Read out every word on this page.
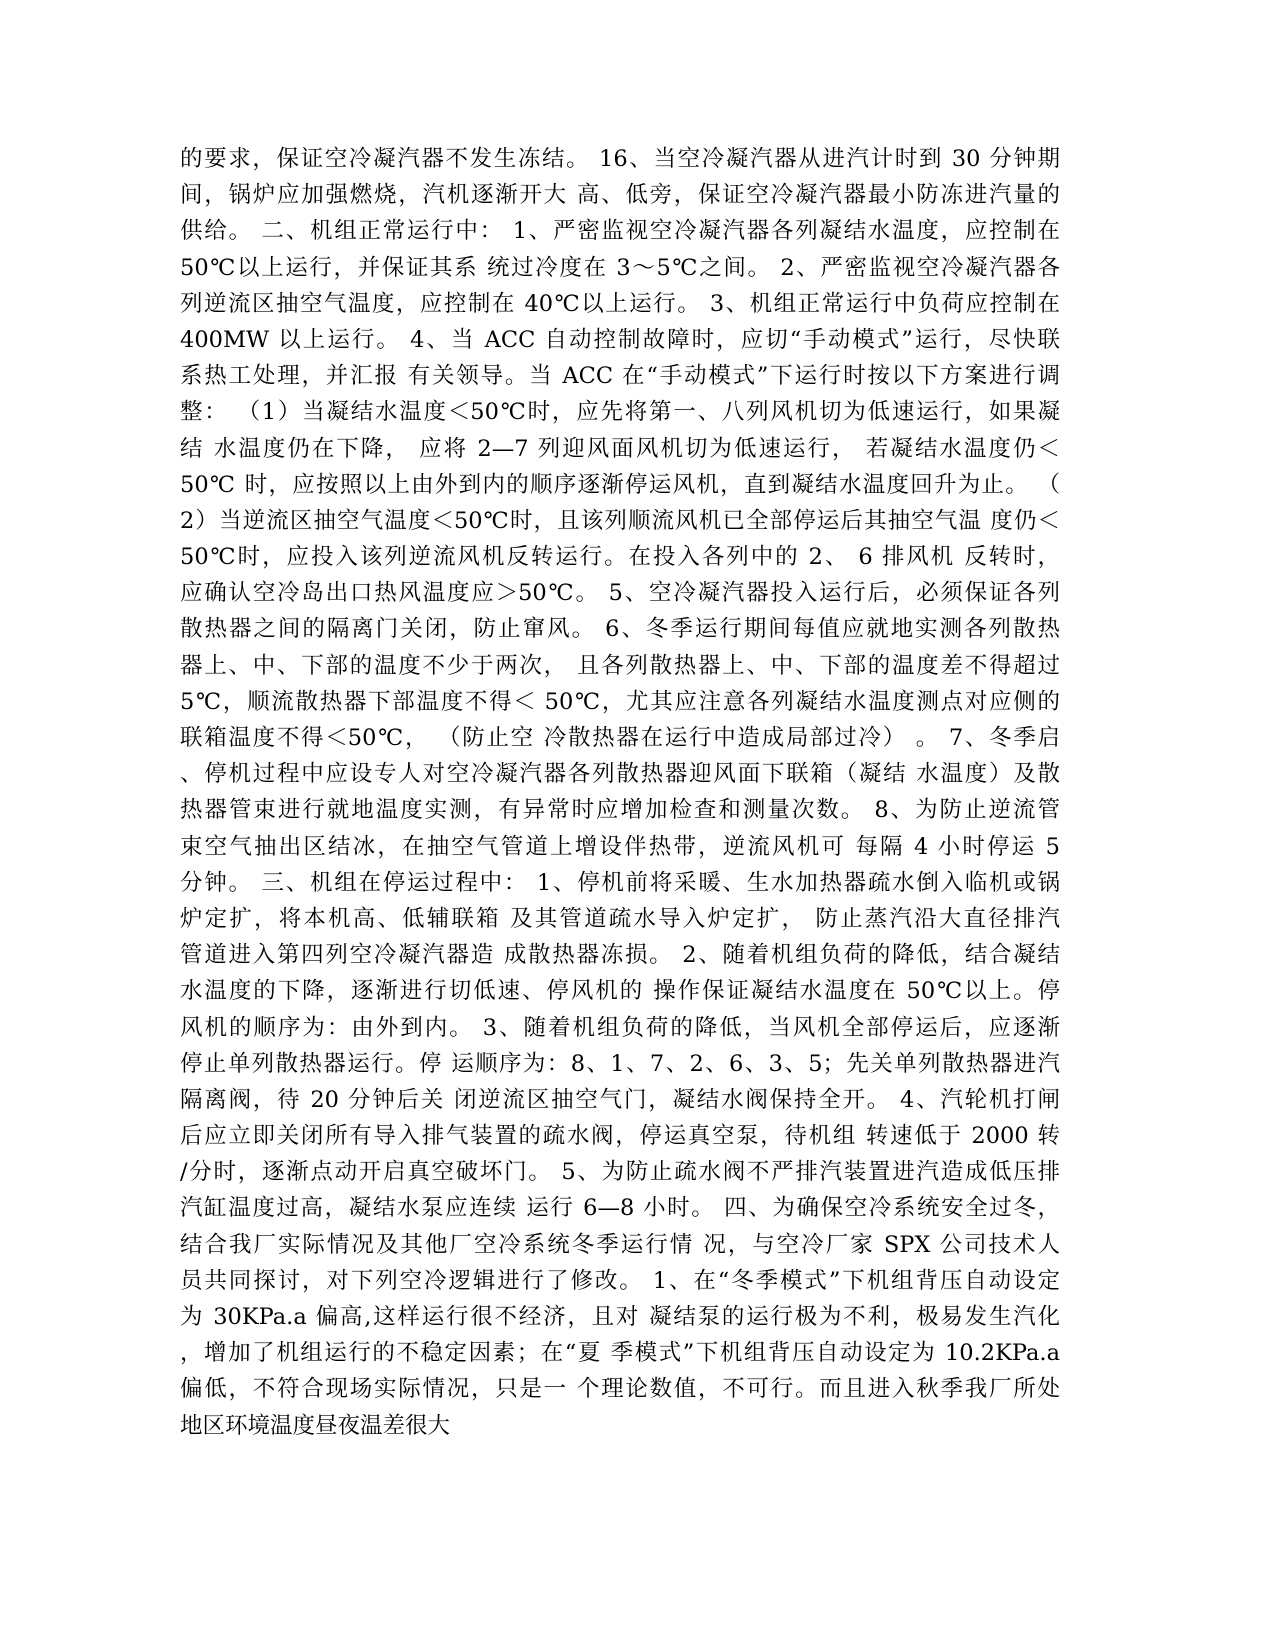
的要求，保证空冷凝汽器不发生冻结。 16、当空冷凝汽器从进汽计时到 30 分钟期
间，锅炉应加强燃烧，汽机逐渐开大 高、低旁，保证空冷凝汽器最小防冻进汽量的
供给。 二、机组正常运行中： 1、严密监视空冷凝汽器各列凝结水温度，应控制在
50℃以上运行，并保证其系 统过冷度在 3～5℃之间。 2、严密监视空冷凝汽器各
列逆流区抽空气温度，应控制在 40℃以上运行。 3、机组正常运行中负荷应控制在
400MW 以上运行。 4、当 ACC 自动控制故障时，应切“手动模式”运行，尽快联
系热工处理，并汇报 有关领导。当 ACC 在“手动模式”下运行时按以下方案进行调
整： （1）当凝结水温度＜50℃时，应先将第一、八列风机切为低速运行，如果凝
结 水温度仍在下降， 应将 2—7 列迎风面风机切为低速运行， 若凝结水温度仍＜
50℃ 时，应按照以上由外到内的顺序逐渐停运风机，直到凝结水温度回升为止。 （
2）当逆流区抽空气温度＜50℃时，且该列顺流风机已全部停运后其抽空气温 度仍＜
50℃时，应投入该列逆流风机反转运行。在投入各列中的 2、 6 排风机 反转时，
应确认空冷岛出口热风温度应＞50℃。 5、空冷凝汽器投入运行后，必须保证各列
散热器之间的隔离门关闭，防止窜风。 6、冬季运行期间每值应就地实测各列散热
器上、中、下部的温度不少于两次， 且各列散热器上、中、下部的温度差不得超过
5℃，顺流散热器下部温度不得＜ 50℃，尤其应注意各列凝结水温度测点对应侧的
联箱温度不得＜50℃， （防止空 冷散热器在运行中造成局部过冷） 。 7、冬季启
、停机过程中应设专人对空冷凝汽器各列散热器迎风面下联箱（凝结 水温度）及散
热器管束进行就地温度实测，有异常时应增加检查和测量次数。 8、为防止逆流管
束空气抽出区结冰，在抽空气管道上增设伴热带，逆流风机可 每隔 4 小时停运 5
分钟。 三、机组在停运过程中： 1、停机前将采暖、生水加热器疏水倒入临机或锅
炉定扩，将本机高、低辅联箱 及其管道疏水导入炉定扩， 防止蒸汽沿大直径排汽
管道进入第四列空冷凝汽器造 成散热器冻损。 2、随着机组负荷的降低，结合凝结
水温度的下降，逐渐进行切低速、停风机的 操作保证凝结水温度在 50℃以上。停
风机的顺序为：由外到内。 3、随着机组负荷的降低，当风机全部停运后，应逐渐
停止单列散热器运行。停 运顺序为：8、1、7、2、6、3、5；先关单列散热器进汽
隔离阀，待 20 分钟后关 闭逆流区抽空气门，凝结水阀保持全开。 4、汽轮机打闸
后应立即关闭所有导入排气装置的疏水阀，停运真空泵，待机组 转速低于 2000 转
/分时，逐渐点动开启真空破坏门。 5、为防止疏水阀不严排汽装置进汽造成低压排
汽缸温度过高，凝结水泵应连续 运行 6—8 小时。 四、为确保空冷系统安全过冬，
结合我厂实际情况及其他厂空冷系统冬季运行情 况，与空冷厂家 SPX 公司技术人
员共同探讨，对下列空冷逻辑进行了修改。 1、在“冬季模式”下机组背压自动设定
为 30KPa.a 偏高,这样运行很不经济，且对 凝结泵的运行极为不利，极易发生汽化
，增加了机组运行的不稳定因素；在“夏 季模式”下机组背压自动设定为 10.2KPa.a
偏低，不符合现场实际情况，只是一 个理论数值，不可行。而且进入秋季我厂所处
地区环境温度昼夜温差很大
